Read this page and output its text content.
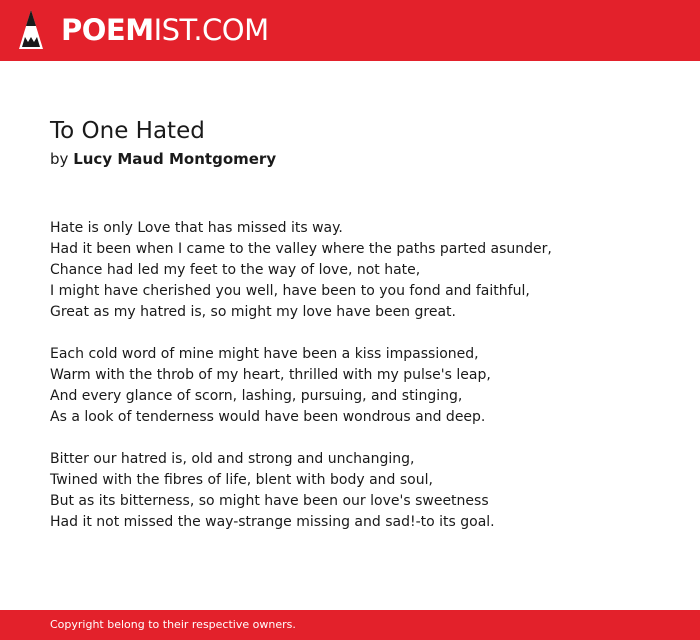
POEMIST.COM
To One Hated
by Lucy Maud Montgomery
Hate is only Love that has missed its way.
Had it been when I came to the valley where the paths parted asunder,
Chance had led my feet to the way of love, not hate,
I might have cherished you well, have been to you fond and faithful,
Great as my hatred is, so might my love have been great.
Each cold word of mine might have been a kiss impassioned,
Warm with the throb of my heart, thrilled with my pulse's leap,
And every glance of scorn, lashing, pursuing, and stinging,
As a look of tenderness would have been wondrous and deep.
Bitter our hatred is, old and strong and unchanging,
Twined with the fibres of life, blent with body and soul,
But as its bitterness, so might have been our love's sweetness
Had it not missed the way-strange missing and sad!-to its goal.
Copyright belong to their respective owners.
